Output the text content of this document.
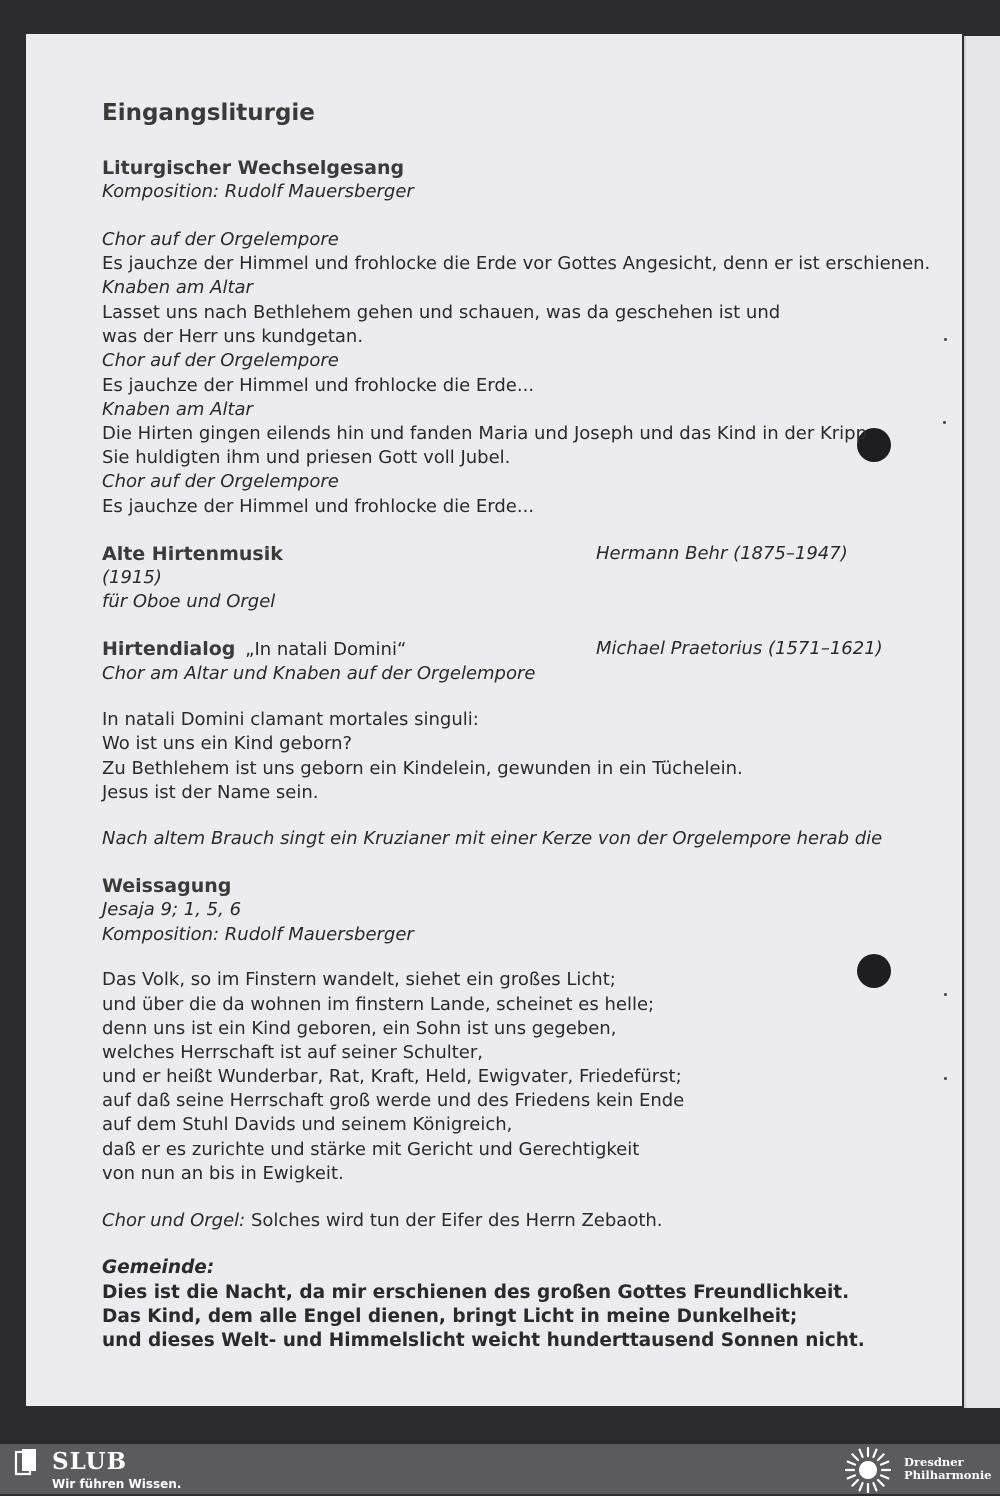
Eingangsliturgie
Liturgischer Wechselgesang
Komposition: Rudolf Mauersberger
Chor auf der Orgelempore
Es jauchze der Himmel und frohlocke die Erde vor Gottes Angesicht, denn er ist erschienen.
Knaben am Altar
Lasset uns nach Bethlehem gehen und schauen, was da geschehen ist und
was der Herr uns kundgetan.
Chor auf der Orgelempore
Es jauchze der Himmel und frohlocke die Erde...
Knaben am Altar
Die Hirten gingen eilends hin und fanden Maria und Joseph und das Kind in der Kripp
Sie huldigten ihm und priesen Gott voll Jubel.
Chor auf der Orgelempore
Es jauchze der Himmel und frohlocke die Erde...
Alte Hirtenmusik	Hermann Behr (1875–1947)
(1915)
für Oboe und Orgel
Hirtendialog „In natali Domini“	Michael Praetorius (1571–1621)
Chor am Altar und Knaben auf der Orgelempore
In natali Domini clamant mortales singuli:
Wo ist uns ein Kind geborn?
Zu Bethlehem ist uns geborn ein Kindelein, gewunden in ein Tüchelein.
Jesus ist der Name sein.
Nach altem Brauch singt ein Kruzianer mit einer Kerze von der Orgelempore herab die
Weissagung
Jesaja 9; 1, 5, 6
Komposition: Rudolf Mauersberger
Das Volk, so im Finstern wandelt, siehet ein großes Licht;
und über die da wohnen im finstern Lande, scheinet es helle;
denn uns ist ein Kind geboren, ein Sohn ist uns gegeben,
welches Herrschaft ist auf seiner Schulter,
und er heißt Wunderbar, Rat, Kraft, Held, Ewigvater, Friedefürst;
auf daß seine Herrschaft groß werde und des Friedens kein Ende
auf dem Stuhl Davids und seinem Königreich,
daß er es zurichte und stärke mit Gericht und Gerechtigkeit
von nun an bis in Ewigkeit.
Chor und Orgel: Solches wird tun der Eifer des Herrn Zebaoth.
Gemeinde:
Dies ist die Nacht, da mir erschienen des großen Gottes Freundlichkeit.
Das Kind, dem alle Engel dienen, bringt Licht in meine Dunkelheit;
und dieses Welt- und Himmelslicht weicht hunderttausend Sonnen nicht.
SLUB
Wir führen Wissen.
Dresdner
Philharmonie
